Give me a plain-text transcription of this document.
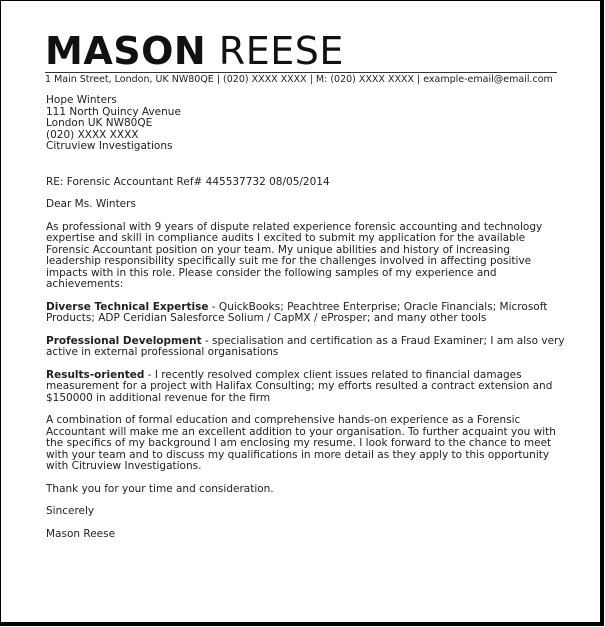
MASON REESE
1 Main Street, London, UK NW80QE | (020) XXXX XXXX | M: (020) XXXX XXXX | example-email@email.com
Hope Winters
111 North Quincy Avenue
London UK NW80QE
(020) XXXX XXXX
Citruview Investigations

RE: Forensic Accountant Ref# 445537732 08/05/2014

Dear Ms. Winters

As professional with 9 years of dispute related experience forensic accounting and technology expertise and skill in compliance audits I excited to submit my application for the available Forensic Accountant position on your team. My unique abilities and history of increasing leadership responsibility specifically suit me for the challenges involved in affecting positive impacts with in this role. Please consider the following samples of my experience and achievements:

Diverse Technical Expertise - QuickBooks; Peachtree Enterprise; Oracle Financials; Microsoft Products; ADP Ceridian Salesforce Solium / CapMX / eProsper; and many other tools

Professional Development - specialisation and certification as a Fraud Examiner; I am also very active in external professional organisations

Results-oriented - I recently resolved complex client issues related to financial damages measurement for a project with Halifax Consulting; my efforts resulted a contract extension and $150000 in additional revenue for the firm

A combination of formal education and comprehensive hands-on experience as a Forensic Accountant will make me an excellent addition to your organisation. To further acquaint you with the specifics of my background I am enclosing my resume. I look forward to the chance to meet with your team and to discuss my qualifications in more detail as they apply to this opportunity with Citruview Investigations.

Thank you for your time and consideration.

Sincerely

Mason Reese
